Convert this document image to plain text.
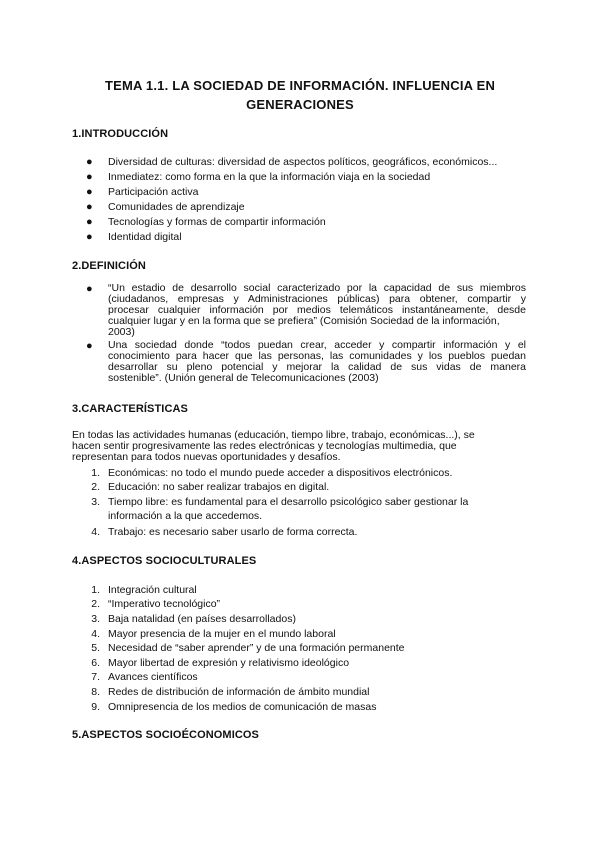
TEMA 1.1. LA SOCIEDAD DE INFORMACIÓN. INFLUENCIA EN
GENERACIONES
1.INTRODUCCIÓN
● Diversidad de culturas: diversidad de aspectos políticos, geográficos, económicos...
● Inmediatez: como forma en la que la información viaja en la sociedad
● Participación activa
● Comunidades de aprendizaje
● Tecnologías y formas de compartir información
● Identidad digital
2.DEFINICIÓN
● “Un estadio de desarrollo social caracterizado por la capacidad de sus miembros
(ciudadanos, empresas y Administraciones públicas) para obtener, compartir y
procesar cualquier información por medios telemáticos instantáneamente, desde
cualquier lugar y en la forma que se prefiera” (Comisión Sociedad de la información,
2003)
● Una sociedad donde “todos puedan crear, acceder y compartir información y el
conocimiento para hacer que las personas, las comunidades y los pueblos puedan
desarrollar su pleno potencial y mejorar la calidad de sus vidas de manera
sostenible”. (Unión general de Telecomunicaciones (2003)
3.CARACTERÍSTICAS
En todas las actividades humanas (educación, tiempo libre, trabajo, económicas...), se
hacen sentir progresivamente las redes electrónicas y tecnologías multimedia, que
representan para todos nuevas oportunidades y desafíos.
1. Económicas: no todo el mundo puede acceder a dispositivos electrónicos.
2. Educación: no saber realizar trabajos en digital.
3. Tiempo libre: es fundamental para el desarrollo psicológico saber gestionar la
información a la que accedemos.
4. Trabajo: es necesario saber usarlo de forma correcta.
4.ASPECTOS SOCIOCULTURALES
1. Integración cultural
2. “Imperativo tecnológico”
3. Baja natalidad (en países desarrollados)
4. Mayor presencia de la mujer en el mundo laboral
5. Necesidad de “saber aprender” y de una formación permanente
6. Mayor libertad de expresión y relativismo ideológico
7. Avances científicos
8. Redes de distribución de información de ámbito mundial
9. Omnipresencia de los medios de comunicación de masas
5.ASPECTOS SOCIOÉCONOMICOS
